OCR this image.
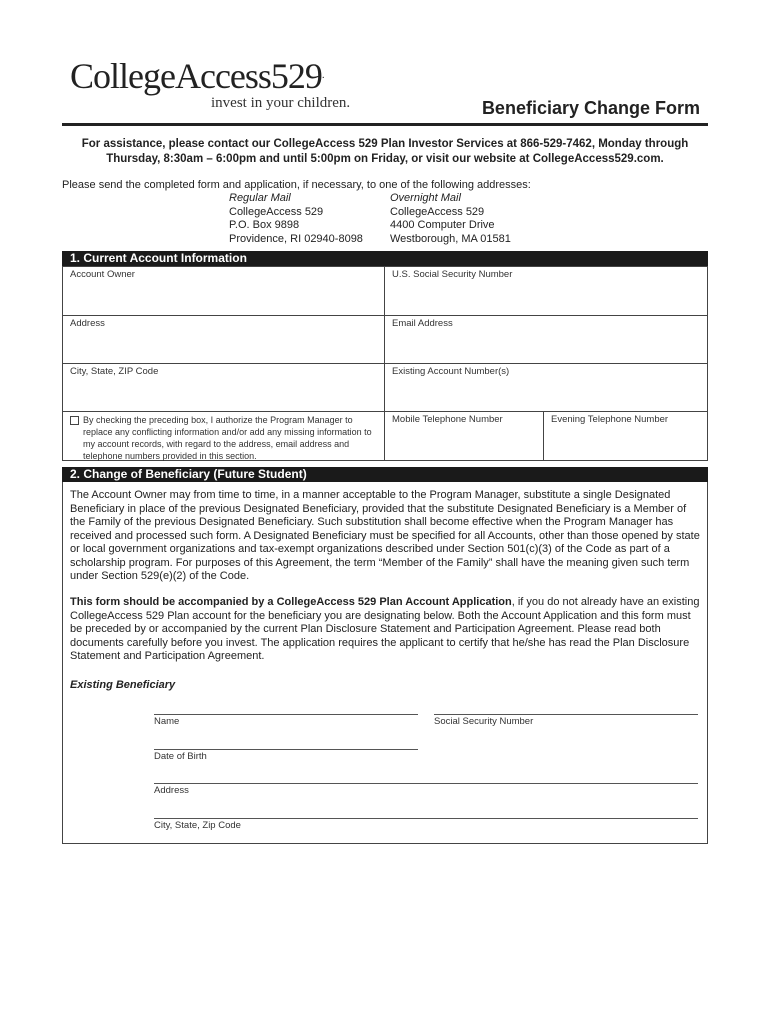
CollegeAccess529.
invest in your children.	Beneficiary Change Form
For assistance, please contact our CollegeAccess 529 Plan Investor Services at 866-529-7462, Monday through
Thursday, 8:30am – 6:00pm and until 5:00pm on Friday, or visit our website at CollegeAccess529.com.
Please send the completed form and application, if necessary, to one of the following addresses:
Regular Mail
CollegeAccess 529
P.O. Box 9898
Providence, RI 02940-8098
Overnight Mail
CollegeAccess 529
4400 Computer Drive
Westborough, MA 01581
1. Current Account Information
Account Owner	U.S. Social Security Number
Address	Email Address
City, State, ZIP Code	Existing Account Number(s)
By checking the preceding box, I authorize the Program Manager to replace any conflicting information and/or add any missing information to my account records, with regard to the address, email address and telephone numbers provided in this section.
Mobile Telephone Number	Evening Telephone Number
2. Change of Beneficiary (Future Student)
The Account Owner may from time to time, in a manner acceptable to the Program Manager, substitute a single Designated Beneficiary in place of the previous Designated Beneficiary, provided that the substitute Designated Beneficiary is a Member of the Family of the previous Designated Beneficiary. Such substitution shall become effective when the Program Manager has received and processed such form. A Designated Beneficiary must be specified for all Accounts, other than those opened by state or local government organizations and tax-exempt organizations described under Section 501(c)(3) of the Code as part of a scholarship program. For purposes of this Agreement, the term “Member of the Family” shall have the meaning given such term under Section 529(e)(2) of the Code.
This form should be accompanied by a CollegeAccess 529 Plan Account Application, if you do not already have an existing CollegeAccess 529 Plan account for the beneficiary you are designating below. Both the Account Application and this form must be preceded by or accompanied by the current Plan Disclosure Statement and Participation Agreement. Please read both documents carefully before you invest. The application requires the applicant to certify that he/she has read the Plan Disclosure Statement and Participation Agreement.
Existing Beneficiary
Name	Social Security Number
Date of Birth
Address
City, State, Zip Code
